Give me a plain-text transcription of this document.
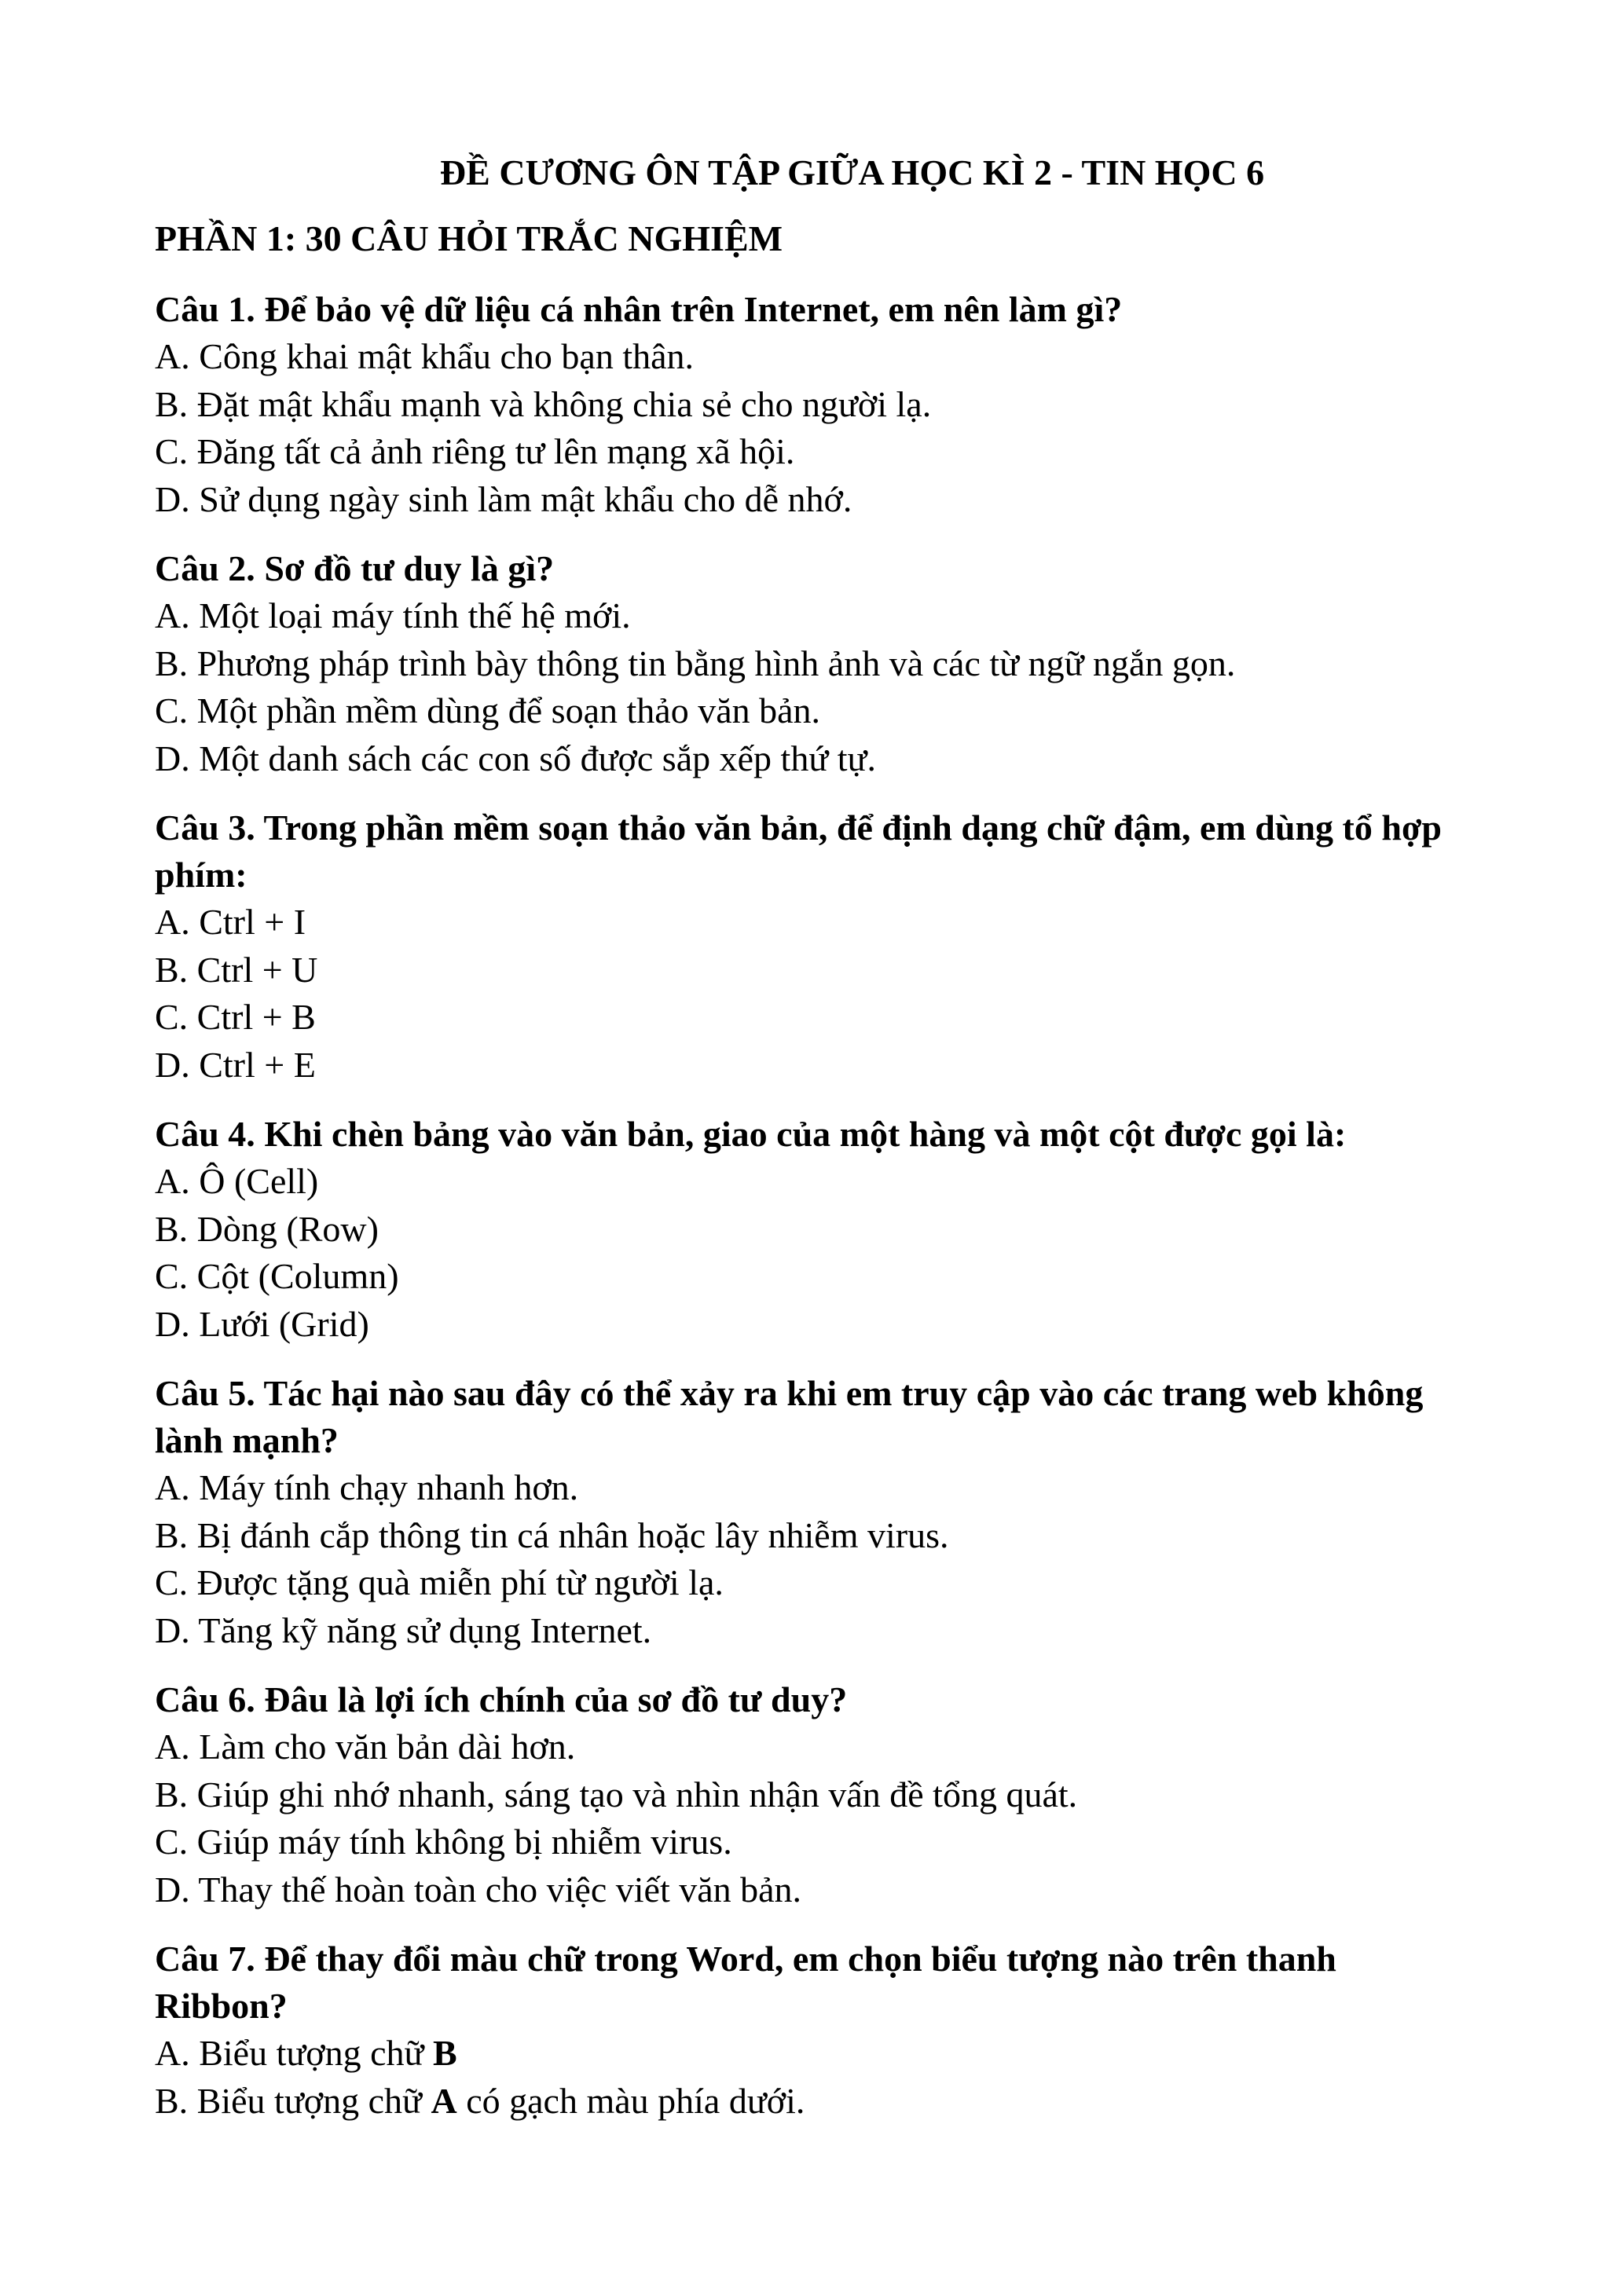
ĐỀ CƯƠNG ÔN TẬP GIỮA HỌC KÌ 2 - TIN HỌC 6
PHẦN 1: 30 CÂU HỎI TRẮC NGHIỆM
Câu 1. Để bảo vệ dữ liệu cá nhân trên Internet, em nên làm gì?
A. Công khai mật khẩu cho bạn thân.
B. Đặt mật khẩu mạnh và không chia sẻ cho người lạ.
C. Đăng tất cả ảnh riêng tư lên mạng xã hội.
D. Sử dụng ngày sinh làm mật khẩu cho dễ nhớ.
Câu 2. Sơ đồ tư duy là gì?
A. Một loại máy tính thế hệ mới.
B. Phương pháp trình bày thông tin bằng hình ảnh và các từ ngữ ngắn gọn.
C. Một phần mềm dùng để soạn thảo văn bản.
D. Một danh sách các con số được sắp xếp thứ tự.
Câu 3. Trong phần mềm soạn thảo văn bản, để định dạng chữ đậm, em dùng tổ hợp phím:
A. Ctrl + I
B. Ctrl + U
C. Ctrl + B
D. Ctrl + E
Câu 4. Khi chèn bảng vào văn bản, giao của một hàng và một cột được gọi là:
A. Ô (Cell)
B. Dòng (Row)
C. Cột (Column)
D. Lưới (Grid)
Câu 5. Tác hại nào sau đây có thể xảy ra khi em truy cập vào các trang web không lành mạnh?
A. Máy tính chạy nhanh hơn.
B. Bị đánh cắp thông tin cá nhân hoặc lây nhiễm virus.
C. Được tặng quà miễn phí từ người lạ.
D. Tăng kỹ năng sử dụng Internet.
Câu 6. Đâu là lợi ích chính của sơ đồ tư duy?
A. Làm cho văn bản dài hơn.
B. Giúp ghi nhớ nhanh, sáng tạo và nhìn nhận vấn đề tổng quát.
C. Giúp máy tính không bị nhiễm virus.
D. Thay thế hoàn toàn cho việc viết văn bản.
Câu 7. Để thay đổi màu chữ trong Word, em chọn biểu tượng nào trên thanh Ribbon?
A. Biểu tượng chữ B
B. Biểu tượng chữ A có gạch màu phía dưới.
